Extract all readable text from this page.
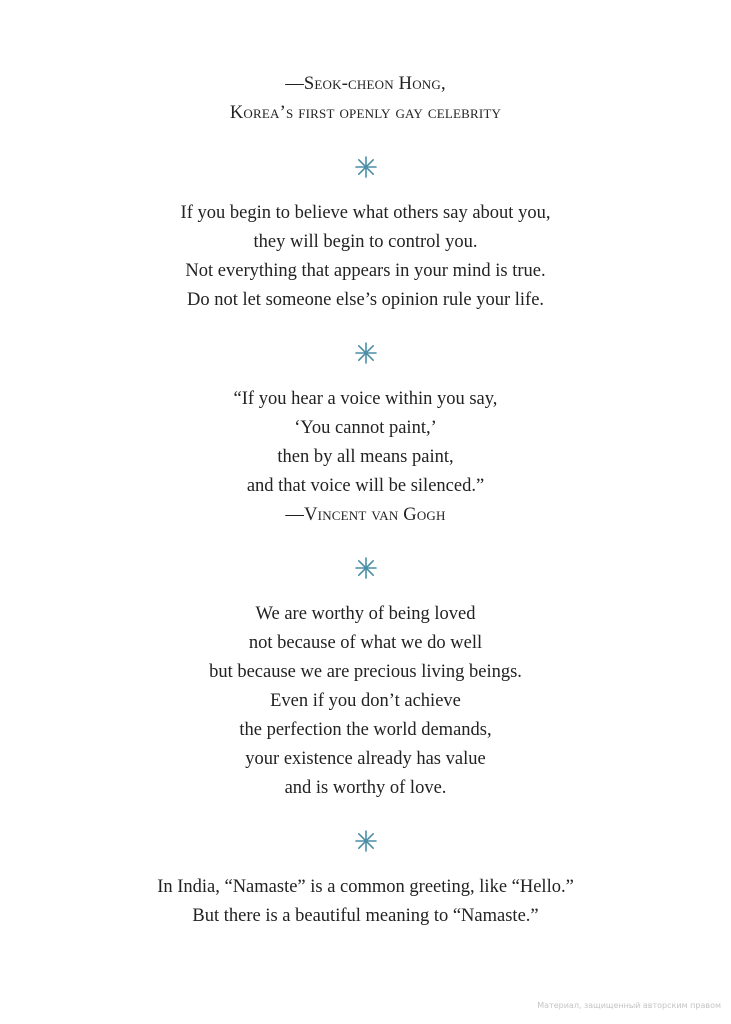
—Seok-cheon Hong,
Korea’s first openly gay celebrity
If you begin to believe what others say about you,
they will begin to control you.
Not everything that appears in your mind is true.
Do not let someone else’s opinion rule your life.
“If you hear a voice within you say,
‘You cannot paint,’
then by all means paint,
and that voice will be silenced.”
—Vincent van Gogh
We are worthy of being loved
not because of what we do well
but because we are precious living beings.
Even if you don’t achieve
the perfection the world demands,
your existence already has value
and is worthy of love.
In India, “Namaste” is a common greeting, like “Hello.”
But there is a beautiful meaning to “Namaste.”
Материал, защищенный авторским правом
